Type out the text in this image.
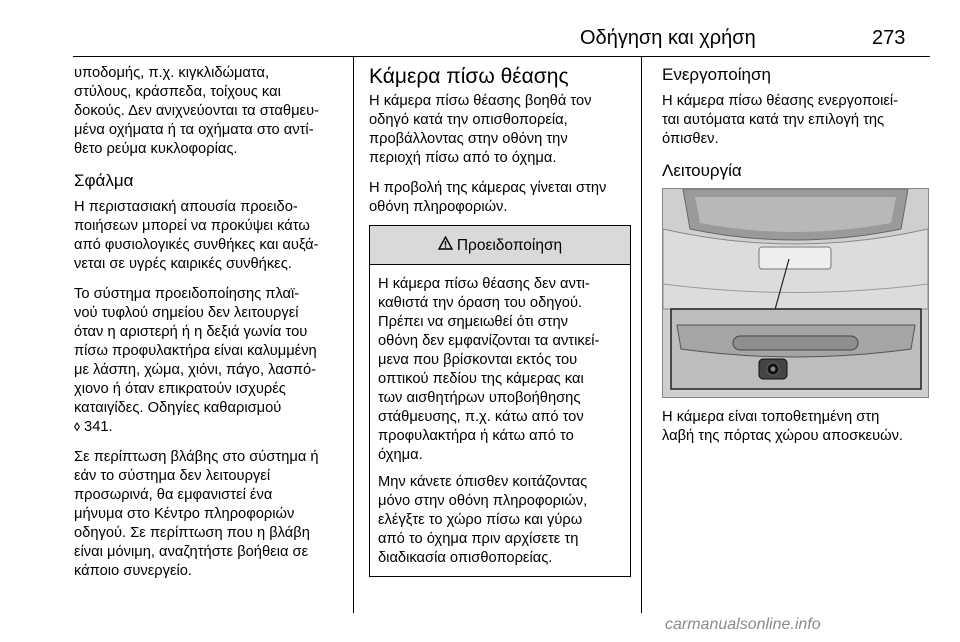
Οδήγηση και χρήση	273

υποδομής, π.χ. κιγκλιδώματα,
στύλους, κράσπεδα, τοίχους και
δοκούς. Δεν ανιχνεύονται τα σταθμευ-
μένα οχήματα ή τα οχήματα στο αντί-
θετο ρεύμα κυκλοφορίας.

Σφάλμα

Η περιστασιακή απουσία προειδο-
ποιήσεων μπορεί να προκύψει κάτω
από φυσιολογικές συνθήκες και αυξά-
νεται σε υγρές καιρικές συνθήκες.

Το σύστημα προειδοποίησης πλαϊ-
νού τυφλού σημείου δεν λειτουργεί
όταν η αριστερή ή η δεξιά γωνία του
πίσω προφυλακτήρα είναι καλυμμένη
με λάσπη, χώμα, χιόνι, πάγο, λασπό-
χιονο ή όταν επικρατούν ισχυρές
καταιγίδες. Οδηγίες καθαρισμού
◊ 341.

Σε περίπτωση βλάβης στο σύστημα ή
εάν το σύστημα δεν λειτουργεί
προσωρινά, θα εμφανιστεί ένα
μήνυμα στο Κέντρο πληροφοριών
οδηγού. Σε περίπτωση που η βλάβη
είναι μόνιμη, αναζητήστε βοήθεια σε
κάποιο συνεργείο.

Κάμερα πίσω θέασης

Η κάμερα πίσω θέασης βοηθά τον
οδηγό κατά την οπισθοπορεία,
προβάλλοντας στην οθόνη την
περιοχή πίσω από το όχημα.

Η προβολή της κάμερας γίνεται στην
οθόνη πληροφοριών.

Προειδοποίηση

Η κάμερα πίσω θέασης δεν αντι-
καθιστά την όραση του οδηγού.
Πρέπει να σημειωθεί ότι στην
οθόνη δεν εμφανίζονται τα αντικεί-
μενα που βρίσκονται εκτός του
οπτικού πεδίου της κάμερας και
των αισθητήρων υποβοήθησης
στάθμευσης, π.χ. κάτω από τον
προφυλακτήρα ή κάτω από το
όχημα.

Μην κάνετε όπισθεν κοιτάζοντας
μόνο στην οθόνη πληροφοριών,
ελέγξτε το χώρο πίσω και γύρω
από το όχημα πριν αρχίσετε τη
διαδικασία οπισθοπορείας.

Ενεργοποίηση

Η κάμερα πίσω θέασης ενεργοποιεί-
ται αυτόματα κατά την επιλογή της
όπισθεν.

Λειτουργία

Η κάμερα είναι τοποθετημένη στη
λαβή της πόρτας χώρου αποσκευών.

carmanualsonline.info
